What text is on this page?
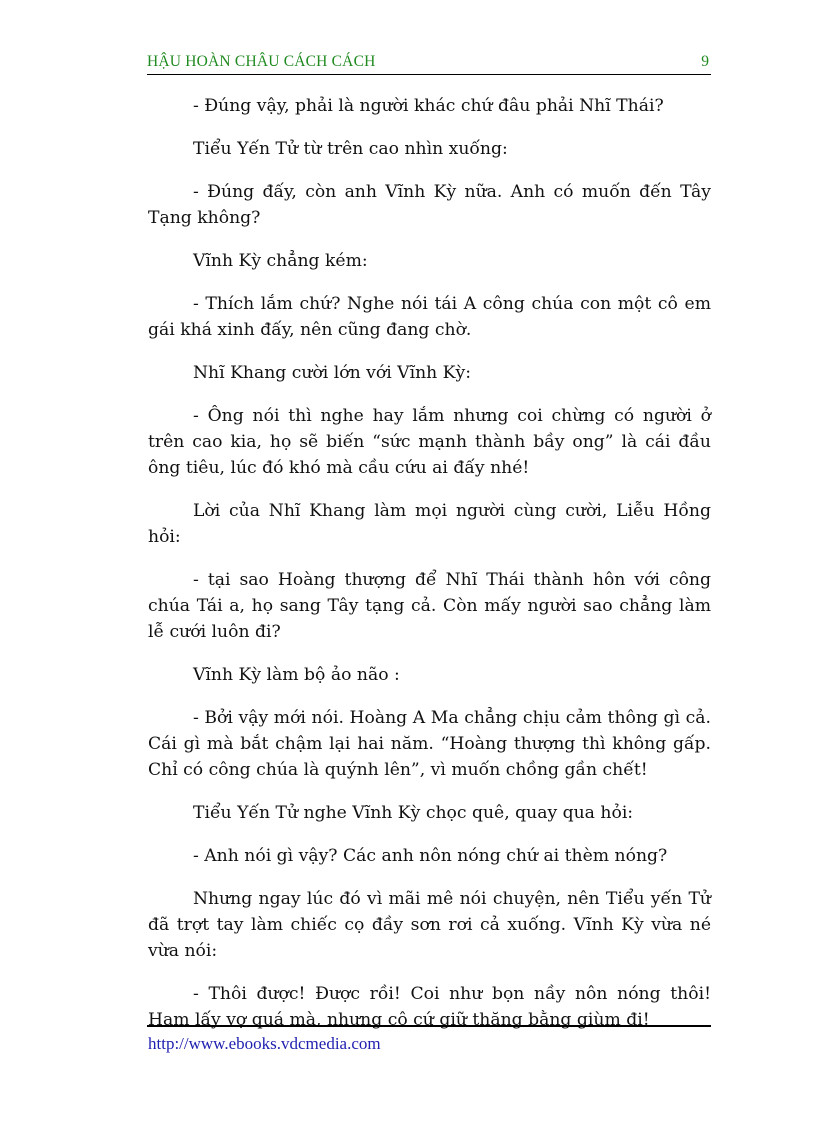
HẬU HOÀN CHÂU CÁCH CÁCH	9

- Đúng vậy, phải là người khác chứ đâu phải Nhĩ Thái?

Tiểu Yến Tử từ trên cao nhìn xuống:

- Đúng đấy, còn anh Vĩnh Kỳ nữa. Anh có muốn đến Tây Tạng không?

Vĩnh Kỳ chẳng kém:

- Thích lắm chứ? Nghe nói tái A công chúa con một cô em gái khá xinh đấy, nên cũng đang chờ.

Nhĩ Khang cười lớn với Vĩnh Kỳ:

- Ông nói thì nghe hay lắm nhưng coi chừng có người ở trên cao kia, họ sẽ biến “sức mạnh thành bầy ong” là cái đầu ông tiêu, lúc đó khó mà cầu cứu ai đấy nhé!

Lời của Nhĩ Khang làm mọi người cùng cười, Liễu Hồng hỏi:

- tại sao Hoàng thượng để Nhĩ Thái thành hôn với công chúa Tái a, họ sang Tây tạng cả. Còn mấy người sao chẳng làm lễ cưới luôn đi?

Vĩnh Kỳ làm bộ ảo não :

- Bởi vậy mới nói. Hoàng A Ma chẳng chịu cảm thông gì cả. Cái gì mà bắt chậm lại hai năm. “Hoàng thượng thì không gấp. Chỉ có công chúa là quýnh lên”, vì muốn chồng gần chết!

Tiểu Yến Tử nghe Vĩnh Kỳ chọc quê, quay qua hỏi:

- Anh nói gì vậy? Các anh nôn nóng chứ ai thèm nóng?

Nhưng ngay lúc đó vì mãi mê nói chuyện, nên Tiểu yến Tử đã trợt tay làm chiếc cọ đầy sơn rơi cả xuống. Vĩnh Kỳ vừa né vừa nói:

- Thôi được! Được rồi! Coi như bọn nầy nôn nóng thôi! Ham lấy vợ quá mà, nhưng cô cứ giữ thăng bằng giùm đi!

http://www.ebooks.vdcmedia.com
